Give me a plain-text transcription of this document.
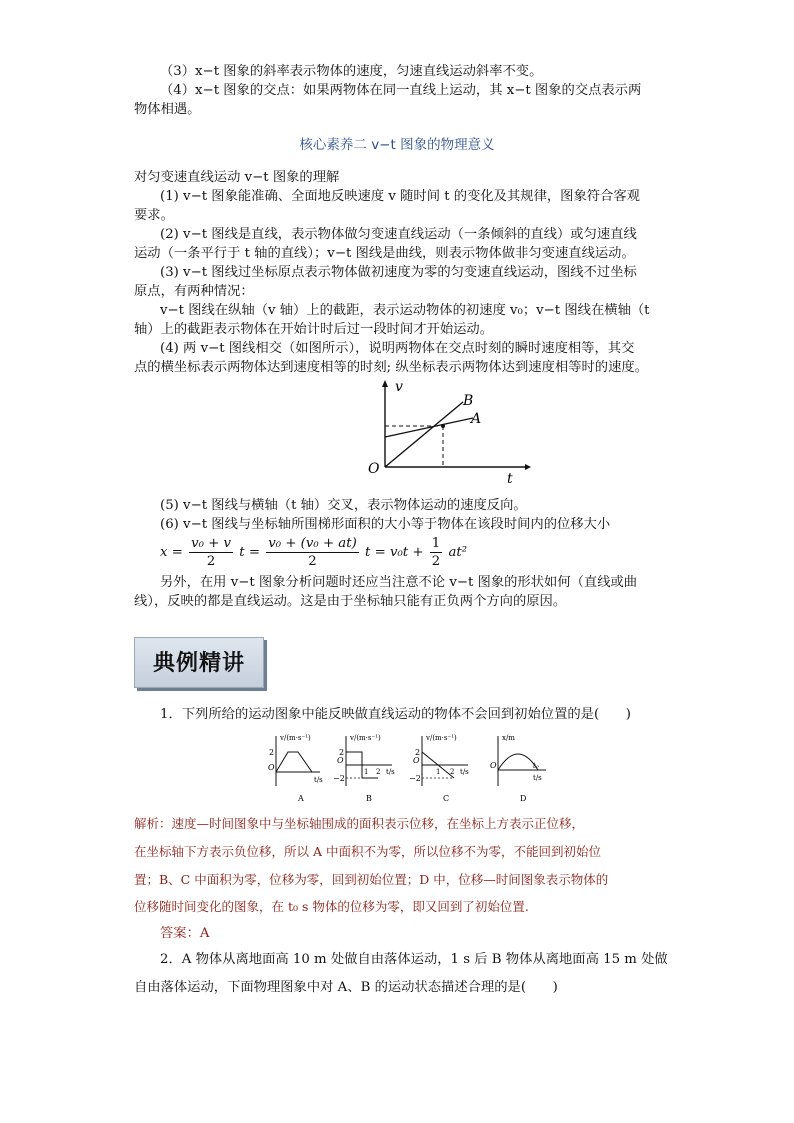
（3）x−t 图象的斜率表示物体的速度，匀速直线运动斜率不变。
（4）x−t 图象的交点：如果两物体在同一直线上运动，其 x−t 图象的交点表示两
物体相遇。
核心素养二 v−t 图象的物理意义
对匀变速直线运动 v−t 图象的理解
(1) v−t 图象能准确、全面地反映速度 v 随时间 t 的变化及其规律，图象符合客观
要求。
(2) v−t 图线是直线，表示物体做匀变速直线运动（一条倾斜的直线）或匀速直线
运动（一条平行于 t 轴的直线）；v−t 图线是曲线，则表示物体做非匀变速直线运动。
(3) v−t 图线过坐标原点表示物体做初速度为零的匀变速直线运动，图线不过坐标
原点，有两种情况：
v−t 图线在纵轴（v 轴）上的截距，表示运动物体的初速度 v₀；v−t 图线在横轴（t
轴）上的截距表示物体在开始计时后过一段时间才开始运动。
(4) 两 v−t 图线相交（如图所示），说明两物体在交点时刻的瞬时速度相等，其交
点的横坐标表示两物体达到速度相等的时刻; 纵坐标表示两物体达到速度相等时的速度。
v
t
O
B
A
(5) v−t 图线与横轴（t 轴）交叉，表示物体运动的速度反向。
(6) v−t 图线与坐标轴所围梯形面积的大小等于物体在该段时间内的位移大小
$x = \frac{\text{v₀ + v}}{2}$ $t = \frac{\text{v₀ + (v₀ + at)}}{2}$ $t = v_0t + \frac{1}{2} at^2$
另外，在用 v−t 图象分析问题时还应当注意不论 v−t 图象的形状如何（直线或曲
线），反映的都是直线运动。这是由于坐标轴只能有正负两个方向的原因。
典例精讲
1．下列所给的运动图象中能反映做直线运动的物体不会回到初始位置的是(　　)
v/(m·s⁻¹)
2
O
t/s
A
v/(m·s⁻¹)
2
O
−2
1 2 t/s
B
v/(m·s⁻¹)
2
O
−2
1 2 t/s
C
x/m
O	t₀
t/s
D
解析：速度—时间图象中与坐标轴围成的面积表示位移，在坐标上方表示正位移，
在坐标轴下方表示负位移，所以 A 中面积不为零，所以位移不为零，不能回到初始位
置；B、C 中面积为零，位移为零，回到初始位置；D 中，位移—时间图象表示物体的
位移随时间变化的图象，在 t₀ s 物体的位移为零，即又回到了初始位置.
答案：A
2．A 物体从离地面高 10 m 处做自由落体运动，1 s 后 B 物体从离地面高 15 m 处做
自由落体运动，下面物理图象中对 A、B 的运动状态描述合理的是(　　)
